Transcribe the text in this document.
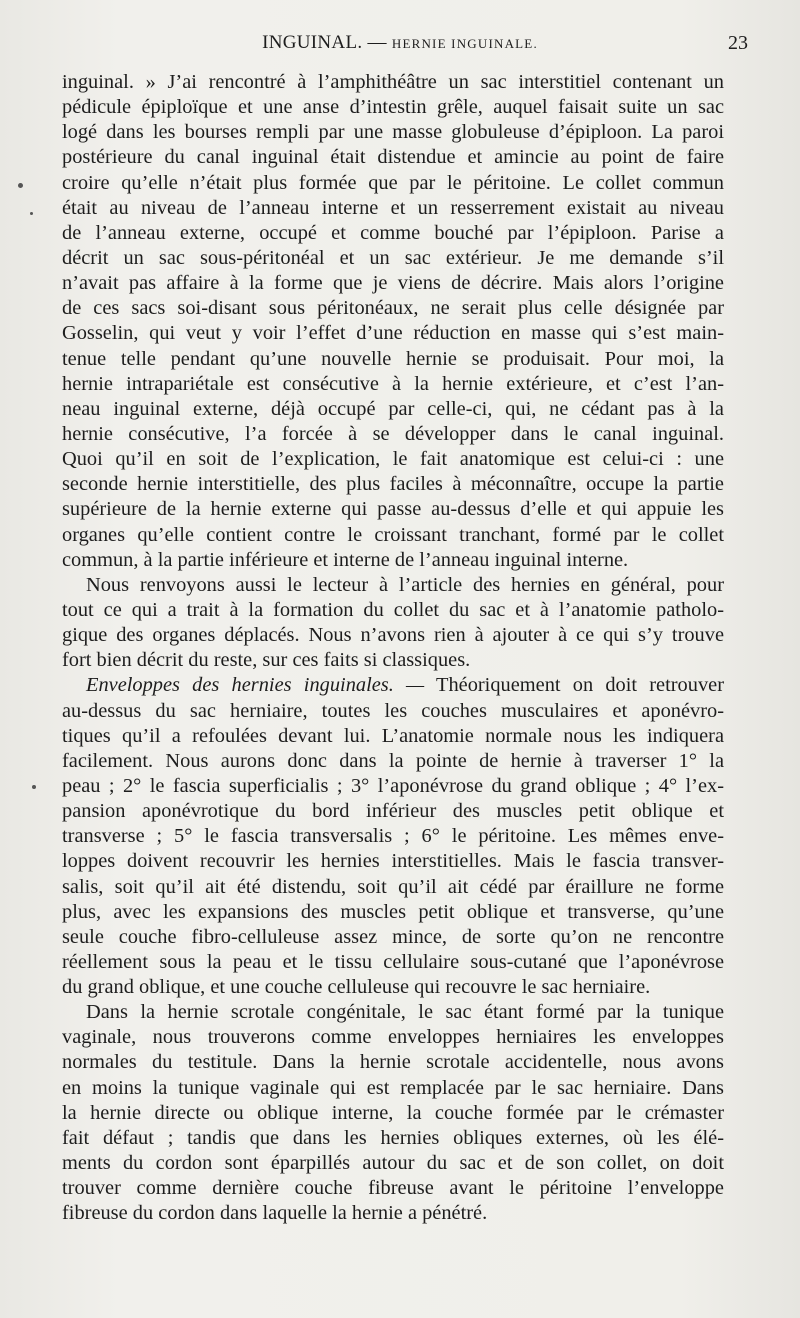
INGUINAL. — HERNIE INGUINALE.	23
inguinal. » J’ai rencontré à l’amphithéâtre un sac interstitiel contenant un
pédicule épiploïque et une anse d’intestin grêle, auquel faisait suite un sac
logé dans les bourses rempli par une masse globuleuse d’épiploon. La paroi
postérieure du canal inguinal était distendue et amincie au point de faire
croire qu’elle n’était plus formée que par le péritoine. Le collet commun
était au niveau de l’anneau interne et un resserrement existait au niveau
de l’anneau externe, occupé et comme bouché par l’épiploon. Parise a
décrit un sac sous-péritonéal et un sac extérieur. Je me demande s’il
n’avait pas affaire à la forme que je viens de décrire. Mais alors l’origine
de ces sacs soi-disant sous péritonéaux, ne serait plus celle désignée par
Gosselin, qui veut y voir l’effet d’une réduction en masse qui s’est main-
tenue telle pendant qu’une nouvelle hernie se produisait. Pour moi, la
hernie intrapariétale est consécutive à la hernie extérieure, et c’est l’an-
neau inguinal externe, déjà occupé par celle-ci, qui, ne cédant pas à la
hernie consécutive, l’a forcée à se développer dans le canal inguinal.
Quoi qu’il en soit de l’explication, le fait anatomique est celui-ci : une
seconde hernie interstitielle, des plus faciles à méconnaître, occupe la partie
supérieure de la hernie externe qui passe au-dessus d’elle et qui appuie les
organes qu’elle contient contre le croissant tranchant, formé par le collet
commun, à la partie inférieure et interne de l’anneau inguinal interne.
Nous renvoyons aussi le lecteur à l’article des hernies en général, pour
tout ce qui a trait à la formation du collet du sac et à l’anatomie patholo-
gique des organes déplacés. Nous n’avons rien à ajouter à ce qui s’y trouve
fort bien décrit du reste, sur ces faits si classiques.
Enveloppes des hernies inguinales. — Théoriquement on doit retrouver
au-dessus du sac herniaire, toutes les couches musculaires et aponévro-
tiques qu’il a refoulées devant lui. L’anatomie normale nous les indiquera
facilement. Nous aurons donc dans la pointe de hernie à traverser 1° la
peau ; 2° le fascia superficialis ; 3° l’aponévrose du grand oblique ; 4° l’ex-
pansion aponévrotique du bord inférieur des muscles petit oblique et
transverse ; 5° le fascia transversalis ; 6° le péritoine. Les mêmes enve-
loppes doivent recouvrir les hernies interstitielles. Mais le fascia transver-
salis, soit qu’il ait été distendu, soit qu’il ait cédé par éraillure ne forme
plus, avec les expansions des muscles petit oblique et transverse, qu’une
seule couche fibro-celluleuse assez mince, de sorte qu’on ne rencontre
réellement sous la peau et le tissu cellulaire sous-cutané que l’aponévrose
du grand oblique, et une couche celluleuse qui recouvre le sac herniaire.
Dans la hernie scrotale congénitale, le sac étant formé par la tunique
vaginale, nous trouverons comme enveloppes herniaires les enveloppes
normales du testitule. Dans la hernie scrotale accidentelle, nous avons
en moins la tunique vaginale qui est remplacée par le sac herniaire. Dans
la hernie directe ou oblique interne, la couche formée par le crémaster
fait défaut ; tandis que dans les hernies obliques externes, où les élé-
ments du cordon sont éparpillés autour du sac et de son collet, on doit
trouver comme dernière couche fibreuse avant le péritoine l’enveloppe
fibreuse du cordon dans laquelle la hernie a pénétré.
